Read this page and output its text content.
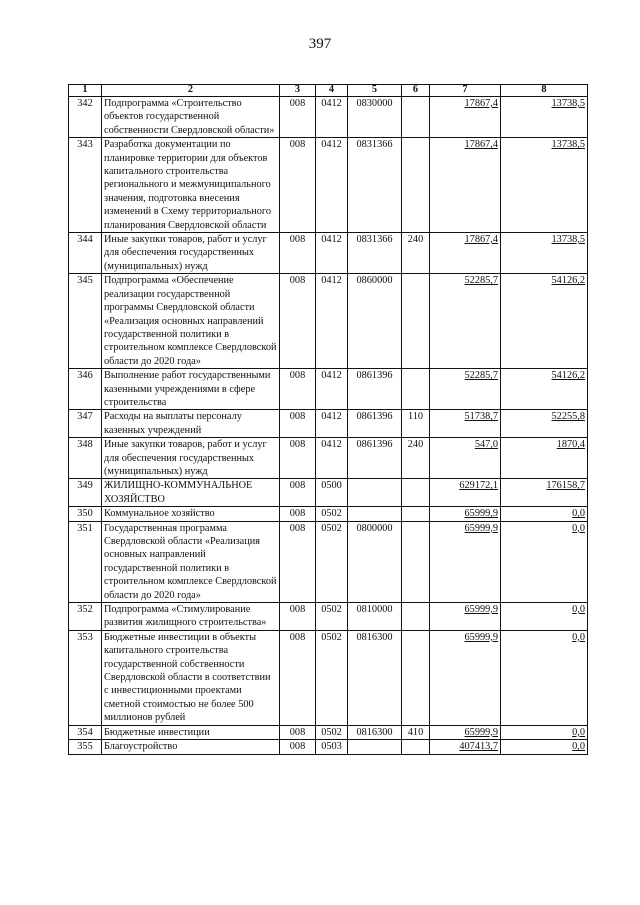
397
1	2	3	4	5	6	7	8
342	Подпрограмма «Строительство объектов государственной собственности Свердловской области»	008	0412	0830000		17867,4	13738,5
343	Разработка документации по планировке территории для объектов капитального строительства регионального и межмуниципального значения, подготовка внесения изменений в Схему территориального планирования Свердловской области	008	0412	0831366		17867,4	13738,5
344	Иные закупки товаров, работ и услуг для обеспечения государственных (муниципальных) нужд	008	0412	0831366	240	17867,4	13738,5
345	Подпрограмма «Обеспечение реализации государственной программы Свердловской области «Реализация основных направлений государственной политики в строительном комплексе Свердловской области до 2020 года»	008	0412	0860000		52285,7	54126,2
346	Выполнение работ государственными казенными учреждениями в сфере строительства	008	0412	0861396		52285,7	54126,2
347	Расходы на выплаты персоналу казенных учреждений	008	0412	0861396	110	51738,7	52255,8
348	Иные закупки товаров, работ и услуг для обеспечения государственных (муниципальных) нужд	008	0412	0861396	240	547,0	1870,4
349	ЖИЛИЩНО-КОММУНАЛЬНОЕ ХОЗЯЙСТВО	008	0500			629172,1	176158,7
350	Коммунальное хозяйство	008	0502			65999,9	0,0
351	Государственная программа Свердловской области «Реализация основных направлений государственной политики в строительном комплексе Свердловской области до 2020 года»	008	0502	0800000		65999,9	0,0
352	Подпрограмма «Стимулирование развития жилищного строительства»	008	0502	0810000		65999,9	0,0
353	Бюджетные инвестиции в объекты капитального строительства государственной собственности Свердловской области в соответствии с инвестиционными проектами сметной стоимостью не более 500 миллионов рублей	008	0502	0816300		65999,9	0,0
354	Бюджетные инвестиции	008	0502	0816300	410	65999,9	0,0
355	Благоустройство	008	0503			407413,7	0,0
